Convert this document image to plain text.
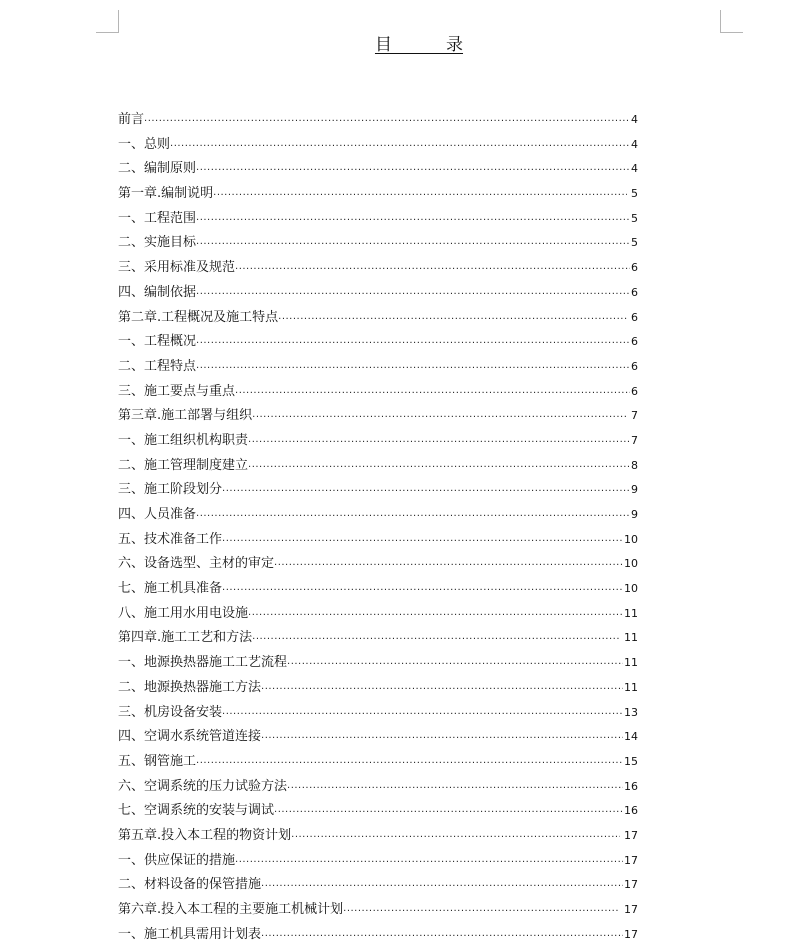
目          录
前言 ·····	4
一、总则 ·····	4
二、编制原则 ·····	4
第一章.编制说明 ·····	5
一、工程范围 ·····	5
二、实施目标 ·····	5
三、采用标准及规范 ·····	6
四、编制依据 ·····	6
第二章.工程概况及施工特点 ·····	6
一、工程概况 ·····	6
二、工程特点 ·····	6
三、施工要点与重点 ·····	6
第三章.施工部署与组织 ·····	7
一、施工组织机构职责 ·····	7
二、施工管理制度建立 ·····	8
三、施工阶段划分 ·····	9
四、人员准备 ·····	9
五、技术准备工作 ·····	10
六、设备选型、主材的审定 ·····	10
七、施工机具准备 ·····	10
八、施工用水用电设施 ·····	11
第四章.施工工艺和方法 ·····	11
一、地源换热器施工工艺流程 ·····	11
二、地源换热器施工方法 ·····	11
三、机房设备安装 ·····	13
四、空调水系统管道连接 ·····	14
五、钢管施工 ·····	15
六、空调系统的压力试验方法 ·····	16
七、空调系统的安装与调试 ·····	16
第五章.投入本工程的物资计划 ·····	17
一、供应保证的措施 ·····	17
二、材料设备的保管措施 ·····	17
第六章.投入本工程的主要施工机械计划 ·····	17
一、施工机具需用计划表 ·····	17
